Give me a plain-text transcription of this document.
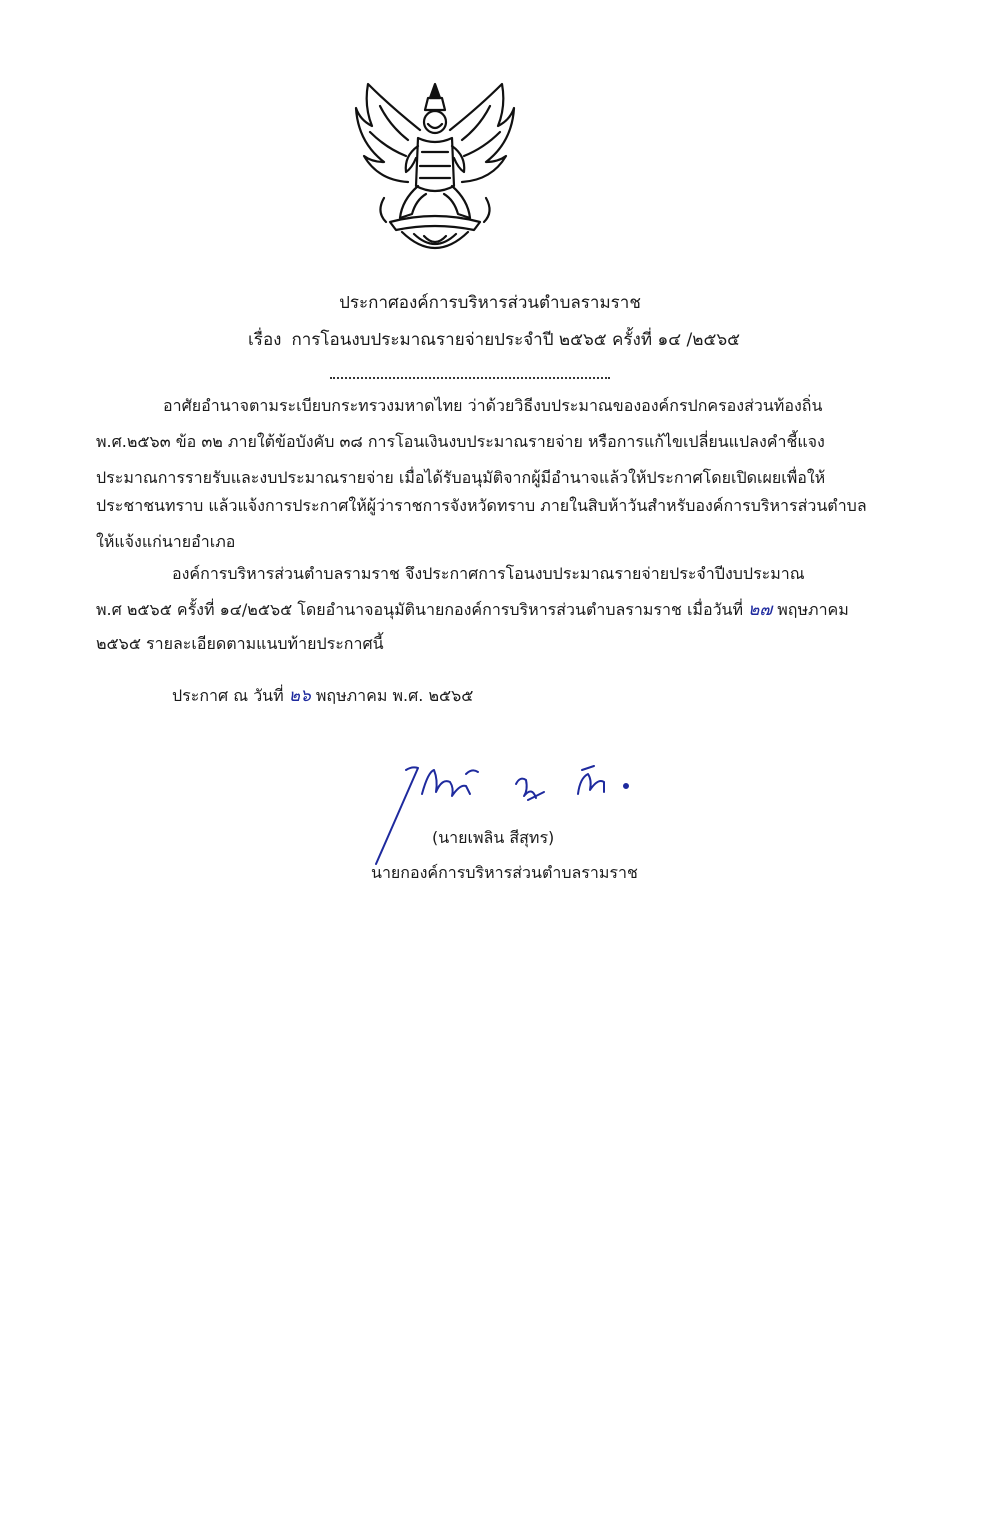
ประกาศองค์การบริหารส่วนตำบลรามราช
เรื่อง การโอนงบประมาณรายจ่ายประจำปี ๒๕๖๕ ครั้งที่ ๑๔ /๒๕๖๕
อาศัยอำนาจตามระเบียบกระทรวงมหาดไทย ว่าด้วยวิธีงบประมาณขององค์กรปกครองส่วนท้องถิ่น
พ.ศ.๒๕๖๓ ข้อ ๓๒ ภายใต้ข้อบังคับ ๓๘ การโอนเงินงบประมาณรายจ่าย หรือการแก้ไขเปลี่ยนแปลงคำชี้แจง
ประมาณการรายรับและงบประมาณรายจ่าย เมื่อได้รับอนุมัติจากผู้มีอำนาจแล้วให้ประกาศโดยเปิดเผยเพื่อให้
ประชาชนทราบ แล้วแจ้งการประกาศให้ผู้ว่าราชการจังหวัดทราบ ภายในสิบห้าวันสำหรับองค์การบริหารส่วนตำบล
ให้แจ้งแก่นายอำเภอ
องค์การบริหารส่วนตำบลรามราช จึงประกาศการโอนงบประมาณรายจ่ายประจำปีงบประมาณ
พ.ศ ๒๕๖๕ ครั้งที่ ๑๔/๒๕๖๕ โดยอำนาจอนุมัตินายกองค์การบริหารส่วนตำบลรามราช เมื่อวันที่ ๒๗ พฤษภาคม
๒๕๖๕ รายละเอียดตามแนบท้ายประกาศนี้
ประกาศ ณ วันที่ ๒๖ พฤษภาคม พ.ศ. ๒๕๖๕
(นายเพลิน สีสุทร)
นายกองค์การบริหารส่วนตำบลรามราช
